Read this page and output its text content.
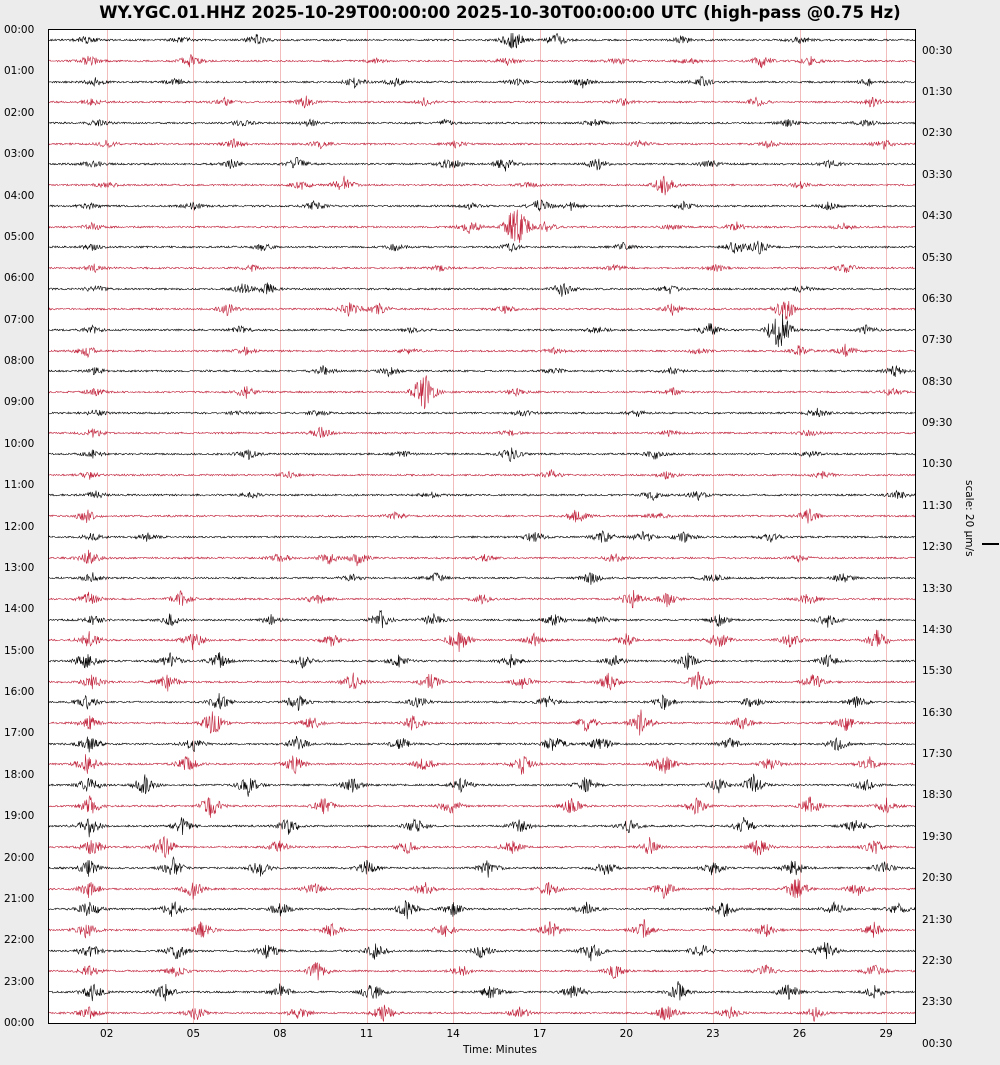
WY.YGC.01.HHZ 2025-10-29T00:00:00 2025-10-30T00:00:00 UTC (high-pass @0.75 Hz)
00:00
01:00
02:00
03:00
04:00
05:00
06:00
07:00
08:00
09:00
10:00
11:00
12:00
13:00
14:00
15:00
16:00
17:00
18:00
19:00
20:00
21:00
22:00
23:00
00:00
00:30
01:30
02:30
03:30
04:30
05:30
06:30
07:30
08:30
09:30
10:30
11:30
12:30
13:30
14:30
15:30
16:30
17:30
18:30
19:30
20:30
21:30
22:30
23:30
00:30
02	05	08	11	14	17	20	23	26	29
Time: Minutes
scale: 20 µm/s
